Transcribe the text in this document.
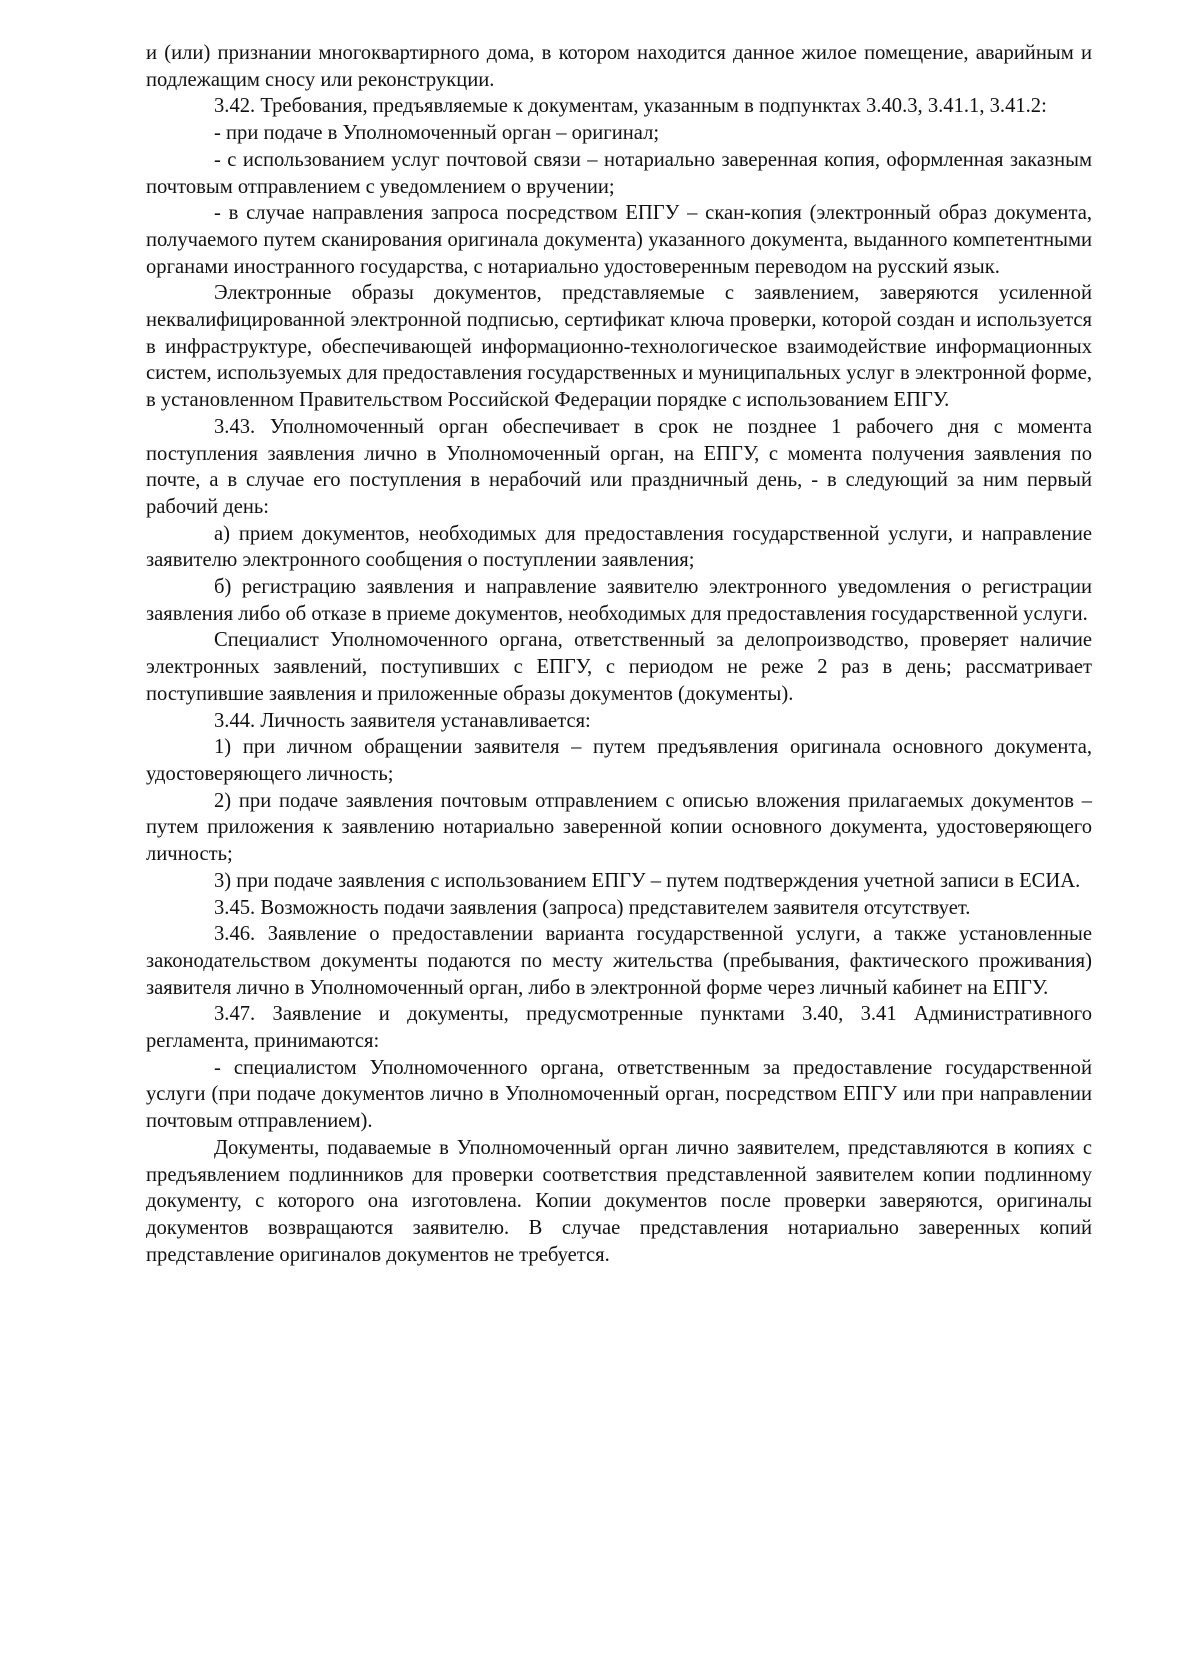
и (или) признании многоквартирного дома, в котором находится данное жилое помещение, аварийным и подлежащим сносу или реконструкции.

3.42. Требования, предъявляемые к документам, указанным в подпунктах 3.40.3, 3.41.1, 3.41.2:

- при подаче в Уполномоченный орган – оригинал;

- с использованием услуг почтовой связи – нотариально заверенная копия, оформленная заказным почтовым отправлением с уведомлением о вручении;

- в случае направления запроса посредством ЕПГУ – скан-копия (электронный образ документа, получаемого путем сканирования оригинала документа) указанного документа, выданного компетентными органами иностранного государства, с нотариально удостоверенным переводом на русский язык.

Электронные образы документов, представляемые с заявлением, заверяются усиленной неквалифицированной электронной подписью, сертификат ключа проверки, которой создан и используется в инфраструктуре, обеспечивающей информационно-технологическое взаимодействие информационных систем, используемых для предоставления государственных и муниципальных услуг в электронной форме, в установленном Правительством Российской Федерации порядке с использованием ЕПГУ.

3.43. Уполномоченный орган обеспечивает в срок не позднее 1 рабочего дня с момента поступления заявления лично в Уполномоченный орган, на ЕПГУ, с момента получения заявления по почте, а в случае его поступления в нерабочий или праздничный день, - в следующий за ним первый рабочий день:

а) прием документов, необходимых для предоставления государственной услуги, и направление заявителю электронного сообщения о поступлении заявления;

б) регистрацию заявления и направление заявителю электронного уведомления о регистрации заявления либо об отказе в приеме документов, необходимых для предоставления государственной услуги.

Специалист Уполномоченного органа, ответственный за делопроизводство, проверяет наличие электронных заявлений, поступивших с ЕПГУ, с периодом не реже 2 раз в день; рассматривает поступившие заявления и приложенные образы документов (документы).

3.44. Личность заявителя устанавливается:

1) при личном обращении заявителя – путем предъявления оригинала основного документа, удостоверяющего личность;

2) при подаче заявления почтовым отправлением с описью вложения прилагаемых документов – путем приложения к заявлению нотариально заверенной копии основного документа, удостоверяющего личность;

3) при подаче заявления с использованием ЕПГУ – путем подтверждения учетной записи в ЕСИА.

3.45. Возможность подачи заявления (запроса) представителем заявителя отсутствует.

3.46. Заявление о предоставлении варианта государственной услуги, а также установленные законодательством документы подаются по месту жительства (пребывания, фактического проживания) заявителя лично в Уполномоченный орган, либо в электронной форме через личный кабинет на ЕПГУ.

3.47. Заявление и документы, предусмотренные пунктами 3.40, 3.41 Административного регламента, принимаются:

- специалистом Уполномоченного органа, ответственным за предоставление государственной услуги (при подаче документов лично в Уполномоченный орган, посредством ЕПГУ или при направлении почтовым отправлением).

Документы, подаваемые в Уполномоченный орган лично заявителем, представляются в копиях с предъявлением подлинников для проверки соответствия представленной заявителем копии подлинному документу, с которого она изготовлена. Копии документов после проверки заверяются, оригиналы документов возвращаются заявителю. В случае представления нотариально заверенных копий представление оригиналов документов не требуется.
